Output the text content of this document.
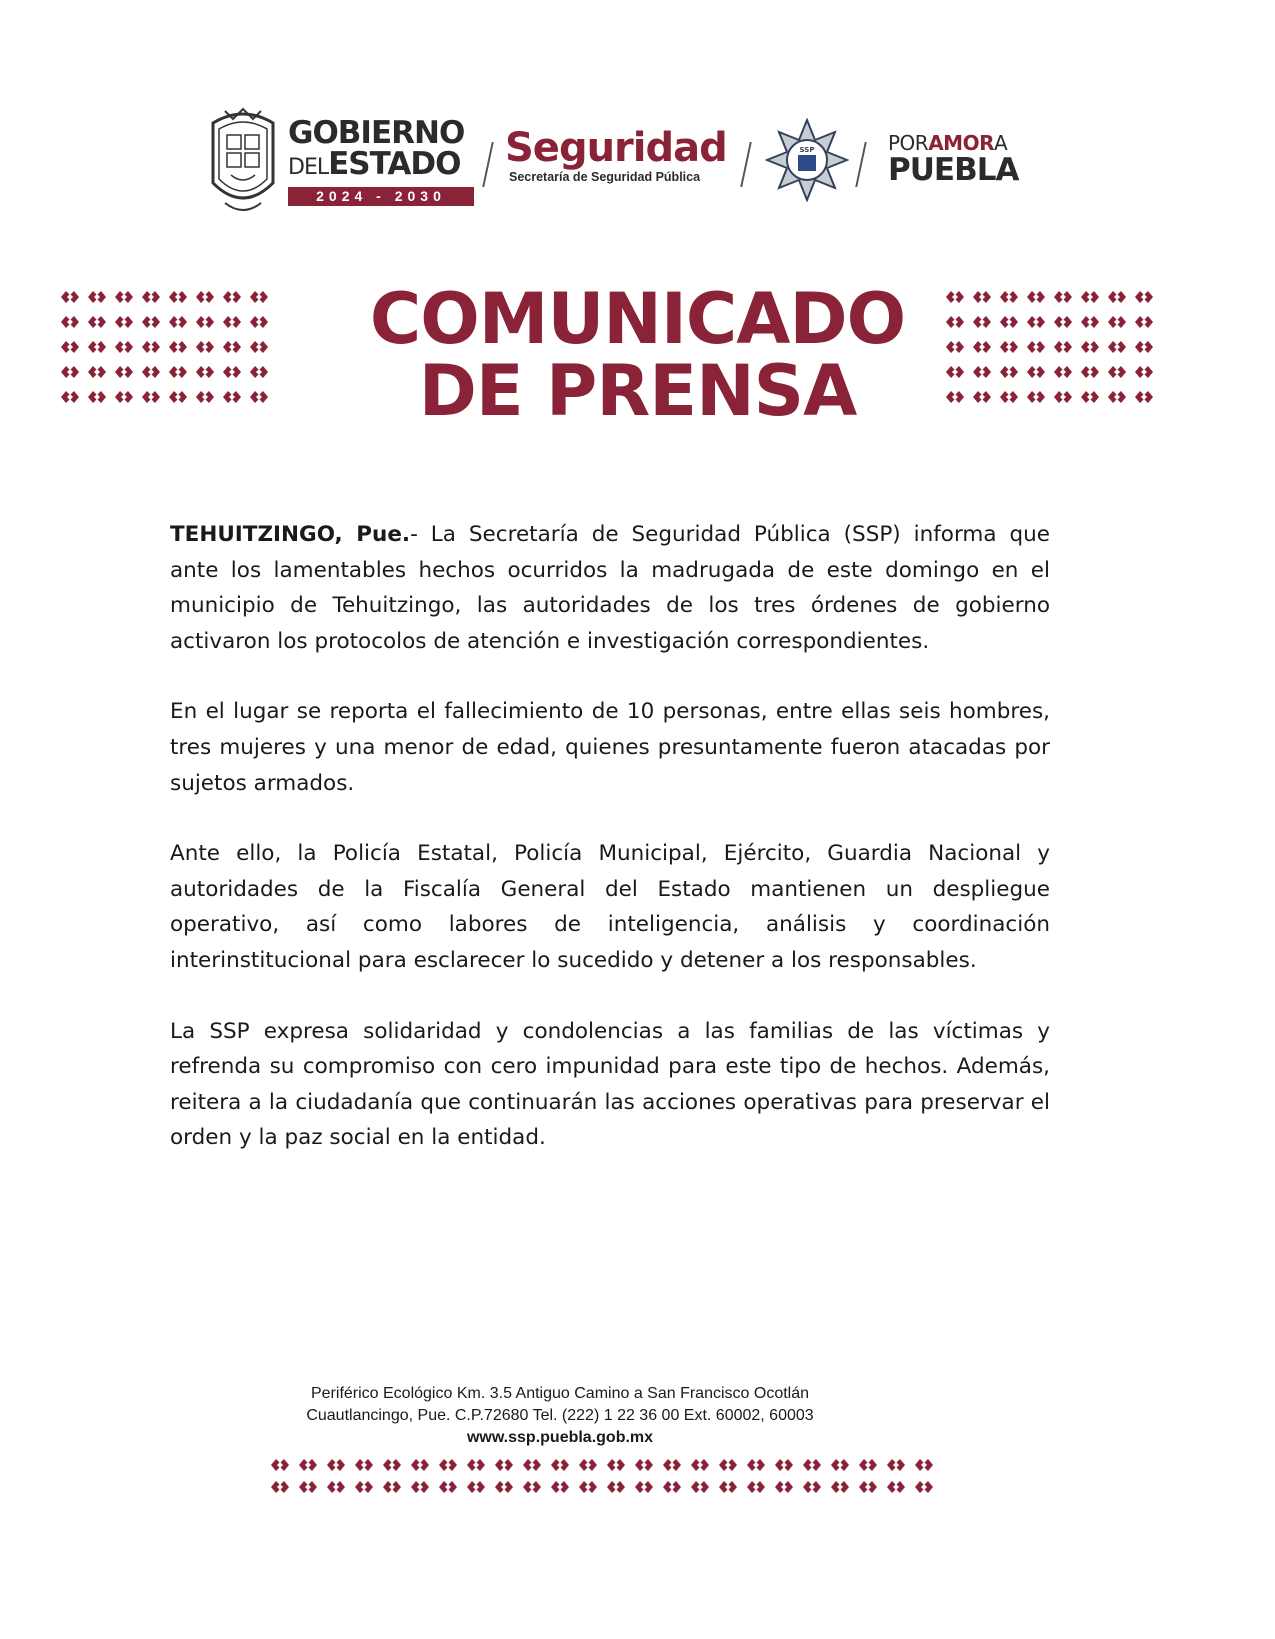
GOBIERNO
DELESTADO
2024 - 2030
Seguridad
Secretaría de Seguridad Pública
SSP	PORAMORA
PUEBLA
COMUNICADO
DE PRENSA

TEHUITZINGO, Pue.- La Secretaría de Seguridad Pública (SSP) informa que ante los lamentables hechos ocurridos la madrugada de este domingo en el municipio de Tehuitzingo, las autoridades de los tres órdenes de gobierno activaron los protocolos de atención e investigación correspondientes.

En el lugar se reporta el fallecimiento de 10 personas, entre ellas seis hombres, tres mujeres y una menor de edad, quienes presuntamente fueron atacadas por sujetos armados.

Ante ello, la Policía Estatal, Policía Municipal, Ejército, Guardia Nacional y autoridades de la Fiscalía General del Estado mantienen un despliegue operativo, así como labores de inteligencia, análisis y coordinación interinstitucional para esclarecer lo sucedido y detener a los responsables.

La SSP expresa solidaridad y condolencias a las familias de las víctimas y refrenda su compromiso con cero impunidad para este tipo de hechos. Además, reitera a la ciudadanía que continuarán las acciones operativas para preservar el orden y la paz social en la entidad.

Periférico Ecológico Km. 3.5 Antiguo Camino a San Francisco Ocotlán
Cuautlancingo, Pue. C.P.72680 Tel. (222) 1 22 36 00 Ext. 60002, 60003
www.ssp.puebla.gob.mx
